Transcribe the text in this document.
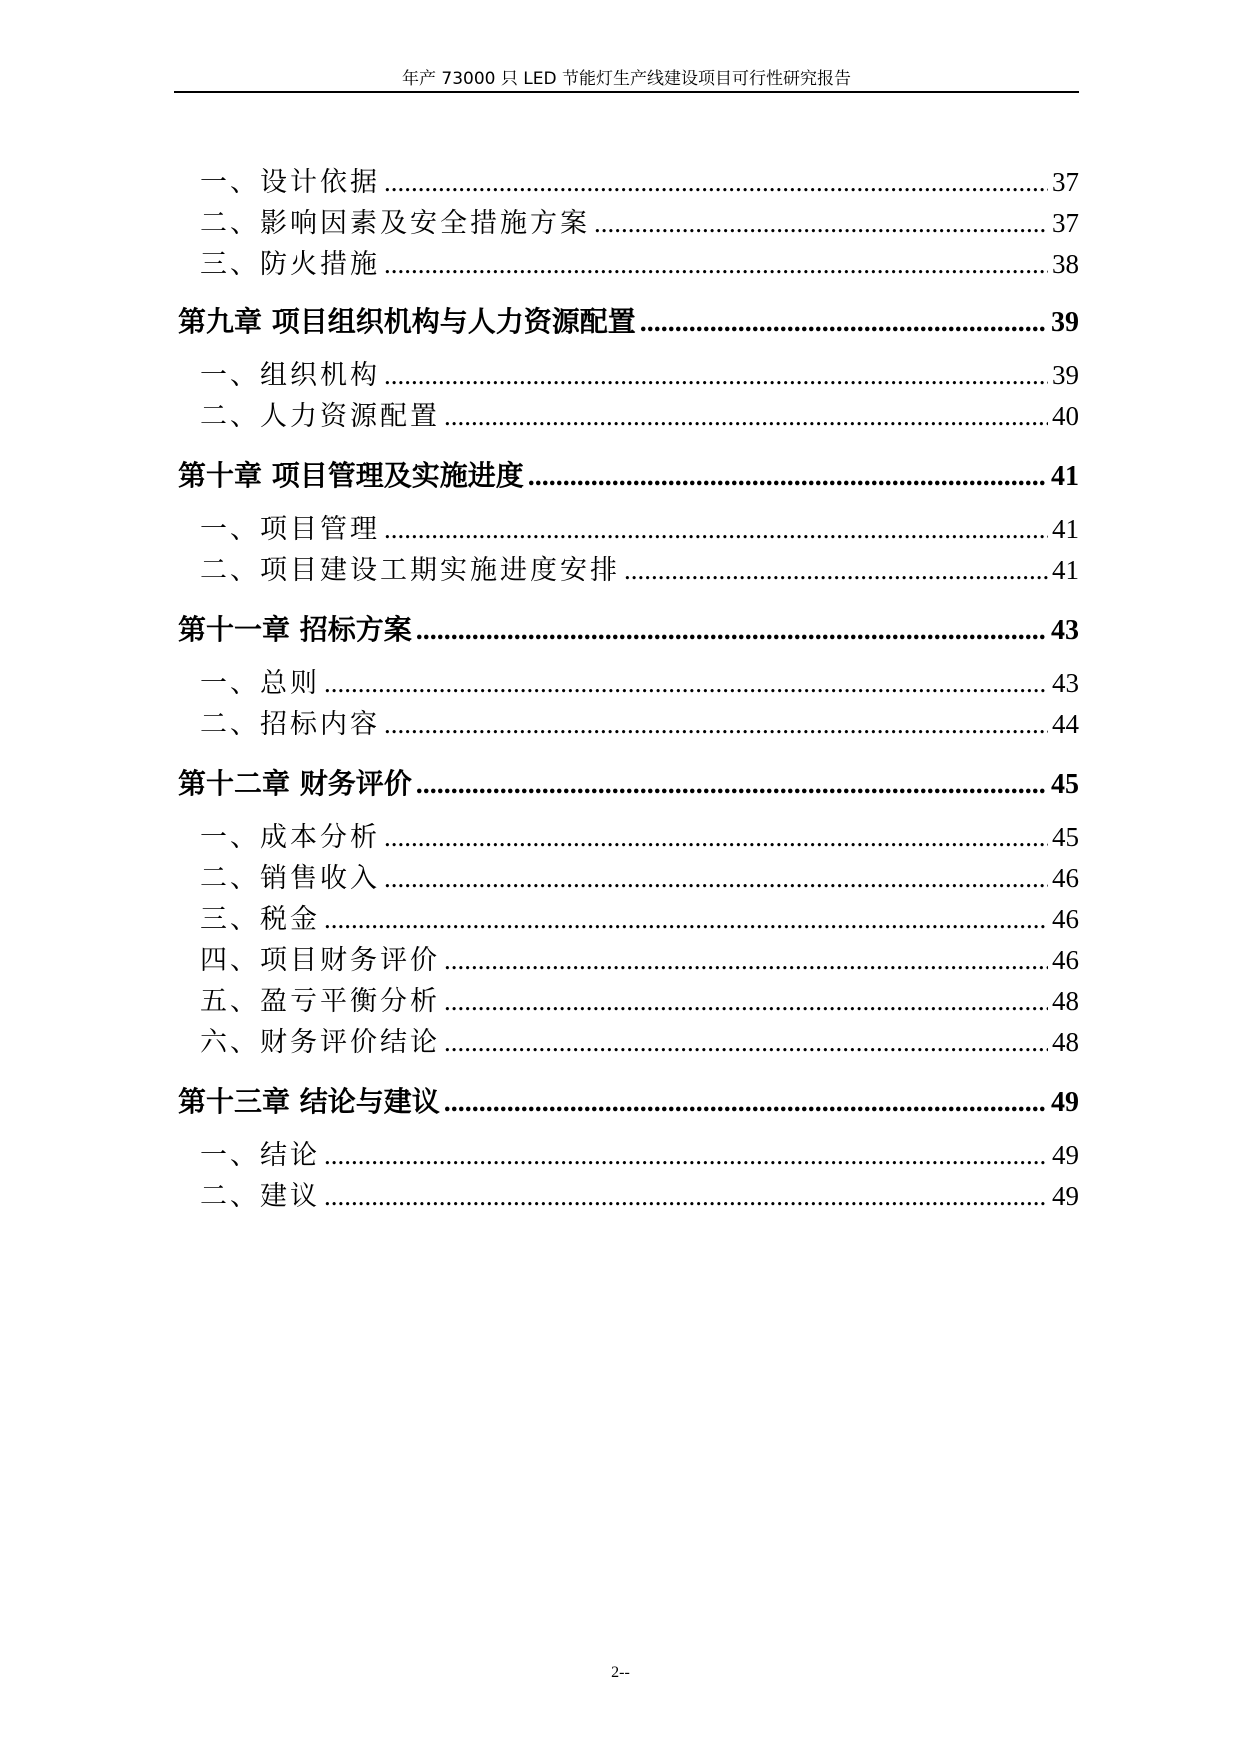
年产 73000 只 LED 节能灯生产线建设项目可行性研究报告
一、设计依据 .....	37
二、影响因素及安全措施方案 .....	37
三、防火措施 .....	38
第九章 项目组织机构与人力资源配置 .....	39
一、组织机构 .....	39
二、人力资源配置 .....	40
第十章 项目管理及实施进度 .....	41
一、项目管理 .....	41
二、项目建设工期实施进度安排 .....	41
第十一章 招标方案 .....	43
一、总则 .....	43
二、招标内容 .....	44
第十二章 财务评价 .....	45
一、成本分析 .....	45
二、销售收入 .....	46
三、税金 .....	46
四、项目财务评价 .....	46
五、盈亏平衡分析 .....	48
六、财务评价结论 .....	48
第十三章 结论与建议 .....	49
一、结论 .....	49
二、建议 .....	49
2--
